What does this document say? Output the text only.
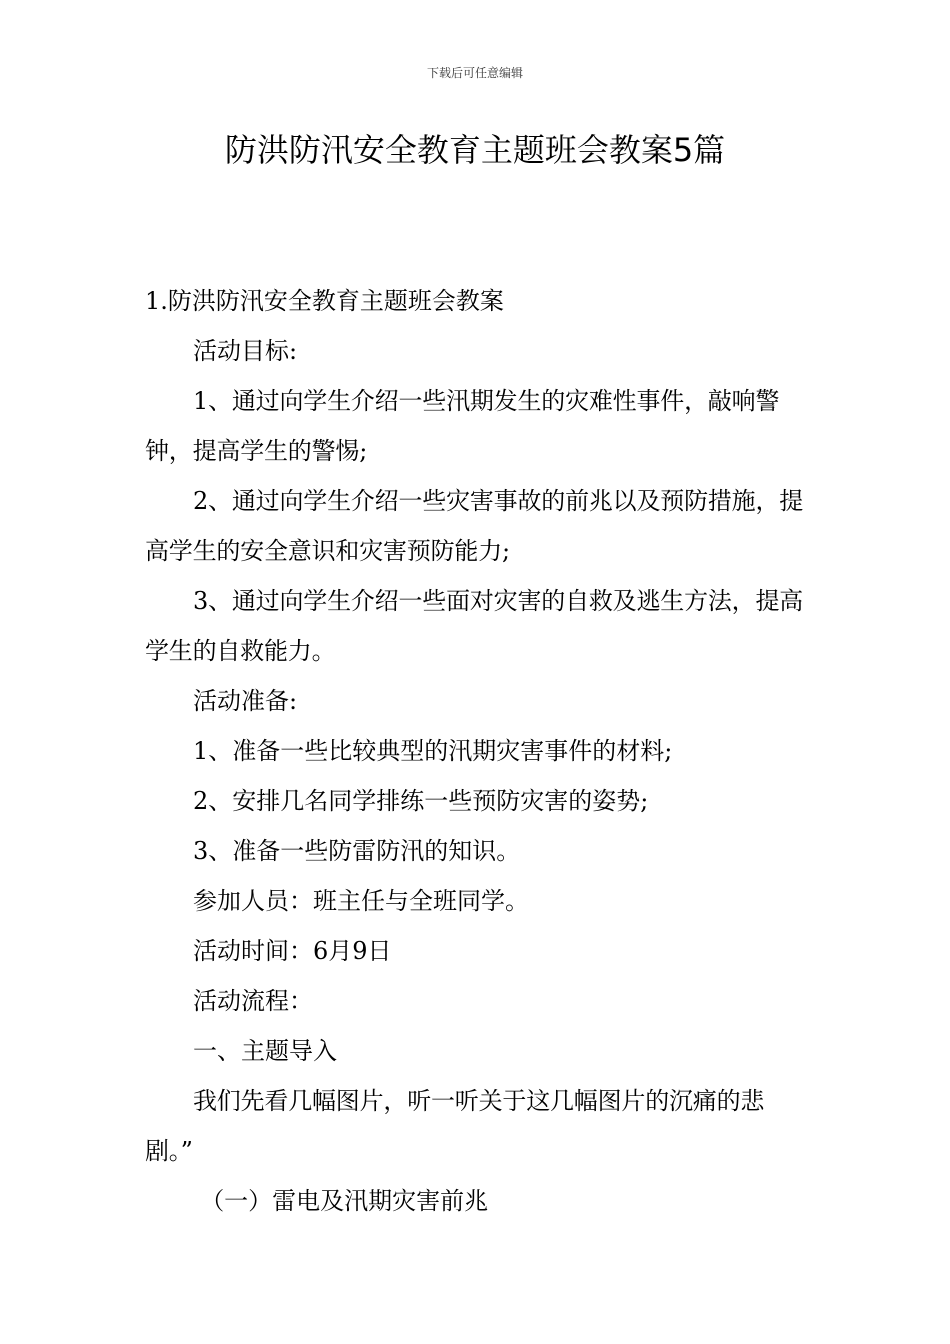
下载后可任意编辑
防洪防汛安全教育主题班会教案5篇

1.防洪防汛安全教育主题班会教案

活动目标:

1、通过向学生介绍一些汛期发生的灾难性事件，敲响警钟，提高学生的警惕;

2、通过向学生介绍一些灾害事故的前兆以及预防措施，提高学生的安全意识和灾害预防能力;

3、通过向学生介绍一些面对灾害的自救及逃生方法，提高学生的自救能力。

活动准备:

1、准备一些比较典型的汛期灾害事件的材料;

2、安排几名同学排练一些预防灾害的姿势;

3、准备一些防雷防汛的知识。

参加人员：班主任与全班同学。

活动时间：6月9日

活动流程：

一、主题导入

我们先看几幅图片，听一听关于这几幅图片的沉痛的悲剧。”

（一）雷电及汛期灾害前兆
